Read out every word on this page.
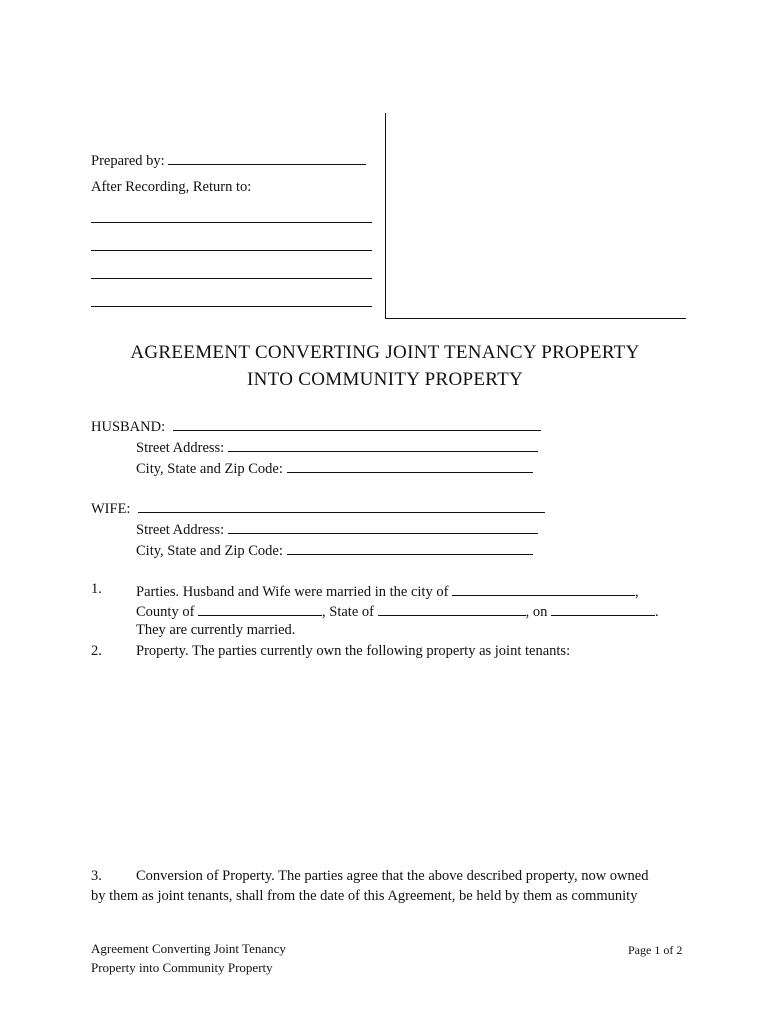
Prepared by:
After Recording, Return to:
AGREEMENT CONVERTING JOINT TENANCY PROPERTY
INTO COMMUNITY PROPERTY
HUSBAND:
Street Address:
City, State and Zip Code:
WIFE:
Street Address:
City, State and Zip Code:
1. Parties. Husband and Wife were married in the city of	,
County of	, State of	, on	.
They are currently married.
2. Property. The parties currently own the following property as joint tenants:
3. Conversion of Property. The parties agree that the above described property, now owned
by them as joint tenants, shall from the date of this Agreement, be held by them as community
Agreement Converting Joint Tenancy
Property into Community Property
Page 1 of 2
